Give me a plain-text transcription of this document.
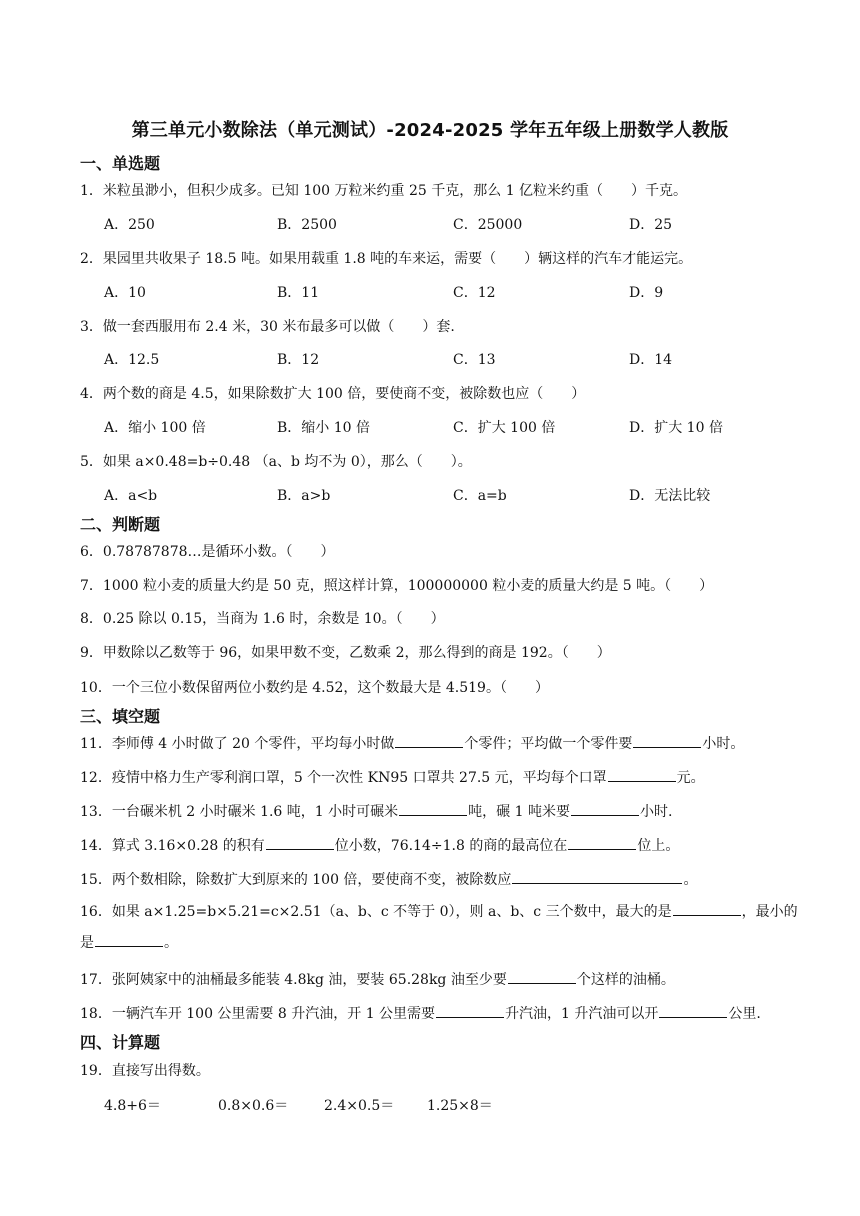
第三单元小数除法（单元测试）-2024-2025 学年五年级上册数学人教版
一、单选题
1．米粒虽渺小，但积少成多。已知 100 万粒米约重 25 千克，那么 1 亿粒米约重（　　）千克。
A．250	B．2500	C．25000	D．25
2．果园里共收果子 18.5 吨。如果用载重 1.8 吨的车来运，需要（　　）辆这样的汽车才能运完。
A．10	B．11	C．12	D．9
3．做一套西服用布 2.4 米，30 米布最多可以做（　　）套.
A．12.5	B．12	C．13	D．14
4．两个数的商是 4.5，如果除数扩大 100 倍，要使商不变，被除数也应（　　）
A．缩小 100 倍	B．缩小 10 倍	C．扩大 100 倍	D．扩大 10 倍
5．如果 a×0.48=b÷0.48 （a、b 均不为 0），那么（　　）。
A．a<b	B．a>b	C．a=b	D．无法比较
二、判断题
6．0.78787878…是循环小数。（　　）
7．1000 粒小麦的质量大约是 50 克，照这样计算，100000000 粒小麦的质量大约是 5 吨。（　　）
8．0.25 除以 0.15，当商为 1.6 时，余数是 10。（　　）
9．甲数除以乙数等于 96，如果甲数不变，乙数乘 2，那么得到的商是 192。（　　）
10．一个三位小数保留两位小数约是 4.52，这个数最大是 4.519。（　　）
三、填空题
11．李师傅 4 小时做了 20 个零件，平均每小时做	个零件；平均做一个零件要	小时。
12．疫情中格力生产零利润口罩，5 个一次性 KN95 口罩共 27.5 元，平均每个口罩	元。
13．一台碾米机 2 小时碾米 1.6 吨，1 小时可碾米	吨，碾 1 吨米要	小时.
14．算式 3.16×0.28 的积有	位小数，76.14÷1.8 的商的最高位在	位上。
15．两个数相除，除数扩大到原来的 100 倍，要使商不变，被除数应	。
16．如果 a×1.25=b×5.21=c×2.51（a、b、c 不等于 0），则 a、b、c 三个数中，最大的是	，最小的是	。
17．张阿姨家中的油桶最多能装 4.8kg 油，要装 65.28kg 油至少要	个这样的油桶。
18．一辆汽车开 100 公里需要 8 升汽油，开 1 公里需要	升汽油，1 升汽油可以开	公里.
四、计算题
19．直接写出得数。
4.8+6＝	0.8×0.6＝	2.4×0.5＝ 1.25×8＝
